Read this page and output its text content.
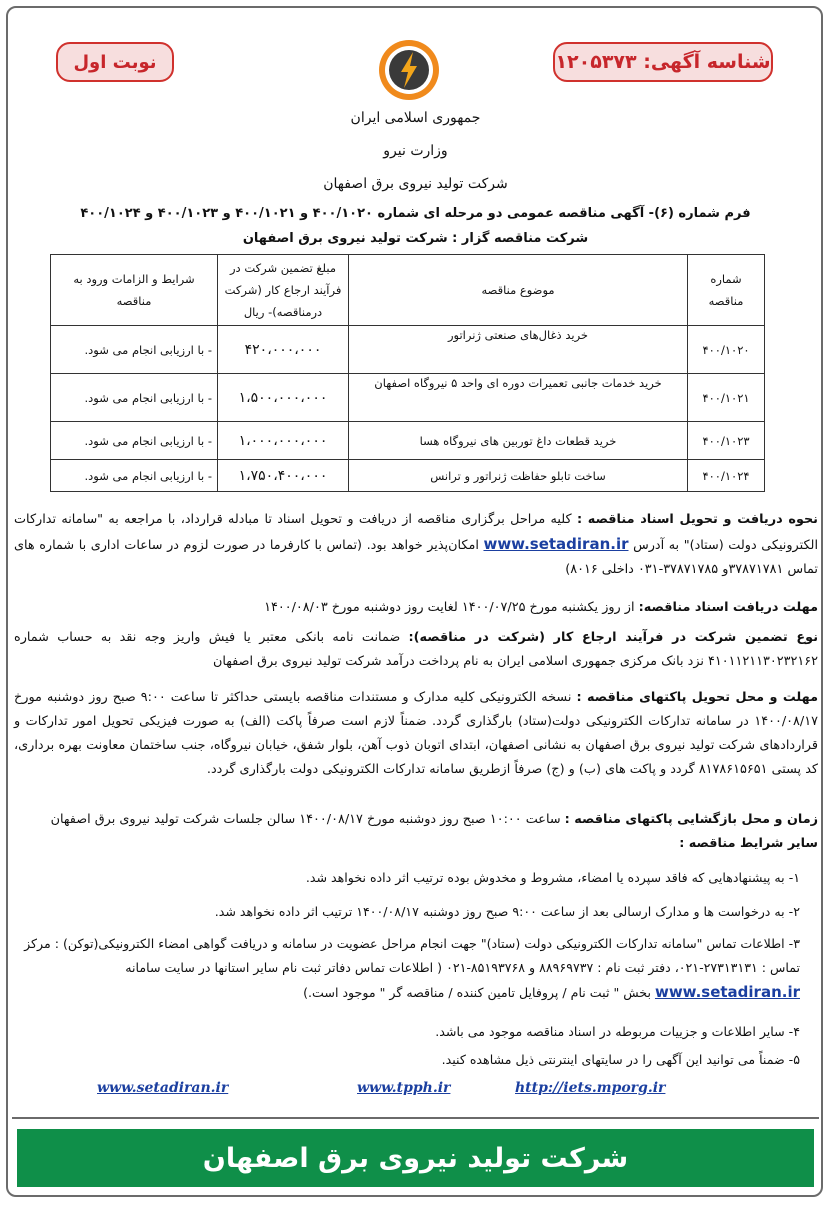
نوبت اول	شناسه آگهی: ۱۲۰۵۳۷۳
جمهوری اسلامی ایران
وزارت نیرو
شرکت تولید نیروی برق اصفهان
فرم شماره (۶)- آگهی مناقصه عمومی دو مرحله ای شماره ۴۰۰/۱۰۲۰ و ۴۰۰/۱۰۲۱ و ۴۰۰/۱۰۲۳ و ۴۰۰/۱۰۲۴
شرکت مناقصه گزار : شرکت تولید نیروی برق اصفهان
شماره مناقصه	موضوع مناقصه	مبلغ تضمین شرکت در فرآیند ارجاع کار (شرکت درمناقصه)- ریال	شرایط و الزامات ورود به مناقصه
۴۰۰/۱۰۲۰	خرید ذغال‌های صنعتی ژنراتور	۴۲۰،۰۰۰،۰۰۰	- با ارزیابی انجام می شود.
۴۰۰/۱۰۲۱	خرید خدمات جانبی تعمیرات دوره ای واحد ۵ نیروگاه اصفهان	۱،۵۰۰،۰۰۰،۰۰۰	- با ارزیابی انجام می شود.
۴۰۰/۱۰۲۳	خرید قطعات داغ توربین های نیروگاه هسا	۱،۰۰۰،۰۰۰،۰۰۰	- با ارزیابی انجام می شود.
۴۰۰/۱۰۲۴	ساخت تابلو حفاظت ژنراتور و ترانس	۱،۷۵۰،۴۰۰،۰۰۰	- با ارزیابی انجام می شود.
نحوه دریافت و تحویل اسناد مناقصه : کلیه مراحل برگزاری مناقصه از دریافت و تحویل اسناد تا مبادله قرارداد، با مراجعه به "سامانه تدارکات الکترونیکی دولت (ستاد)" به آدرس www.setadiran.ir امکان‌پذیر خواهد بود. (تماس با کارفرما در صورت لزوم در ساعات اداری با شماره های تماس ۳۷۸۷۱۷۸۱و ۳۷۸۷۱۷۸۵-۰۳۱ داخلی ۸۰۱۶)
مهلت دریافت اسناد مناقصه: از روز یکشنبه مورخ ۱۴۰۰/۰۷/۲۵ لغایت روز دوشنبه مورخ ۱۴۰۰/۰۸/۰۳
نوع تضمین شرکت در فرآیند ارجاع کار (شرکت در مناقصه): ضمانت نامه بانکی معتبر یا فیش واریز وجه نقد به حساب شماره ۴۱۰۱۱۲۱۱۳۰۲۳۲۱۶۲ نزد بانک مرکزی جمهوری اسلامی ایران به نام پرداخت درآمد شرکت تولید نیروی برق اصفهان
مهلت و محل تحویل پاکتهای مناقصه : نسخه الکترونیکی کلیه مدارک و مستندات مناقصه بایستی حداکثر تا ساعت ۹:۰۰ صبح روز دوشنبه مورخ ۱۴۰۰/۰۸/۱۷ در سامانه تدارکات الکترونیکی دولت(ستاد) بارگذاری گردد. ضمناً لازم است صرفاً پاکت (الف) به صورت فیزیکی تحویل امور تدارکات و قراردادهای شرکت تولید نیروی برق اصفهان به نشانی اصفهان، ابتدای اتوبان ذوب آهن، بلوار شفق، خیابان نیروگاه، جنب ساختمان معاونت بهره برداری، کد پستی ۸۱۷۸۶۱۵۶۵۱ گردد و پاکت های (ب) و (ج) صرفاً ازطریق سامانه تدارکات الکترونیکی دولت بارگذاری گردد.
زمان و محل بازگشایی پاکتهای مناقصه : ساعت ۱۰:۰۰ صبح روز دوشنبه مورخ ۱۴۰۰/۰۸/۱۷ سالن جلسات شرکت تولید نیروی برق اصفهان
سایر شرایط مناقصه :
۱- به پیشنهادهایی که فاقد سپرده یا امضاء، مشروط و مخدوش بوده ترتیب اثر داده نخواهد شد.
۲- به درخواست ها و مدارک ارسالی بعد از ساعت ۹:۰۰ صبح روز دوشنبه ۱۴۰۰/۰۸/۱۷ ترتیب اثر داده نخواهد شد.
۳- اطلاعات تماس "سامانه تدارکات الکترونیکی دولت (ستاد)" جهت انجام مراحل عضویت در سامانه و دریافت گواهی امضاء الکترونیکی(توکن) : مرکز تماس : ۲۷۳۱۳۱۳۱-۰۲۱، دفتر ثبت نام : ۸۸۹۶۹۷۳۷ و ۸۵۱۹۳۷۶۸-۰۲۱ ( اطلاعات تماس دفاتر ثبت نام سایر استانها در سایت سامانه www.setadiran.ir بخش " ثبت نام / پروفایل تامین کننده / مناقصه گر " موجود است.)
۴- سایر اطلاعات و جزییات مربوطه در اسناد مناقصه موجود می باشد.
۵- ضمناً می توانید این آگهی را در سایتهای اینترنتی ذیل مشاهده کنید.
www.setadiran.ir	www.tpph.ir	http://iets.mporg.ir
شرکت تولید نیروی برق اصفهان
